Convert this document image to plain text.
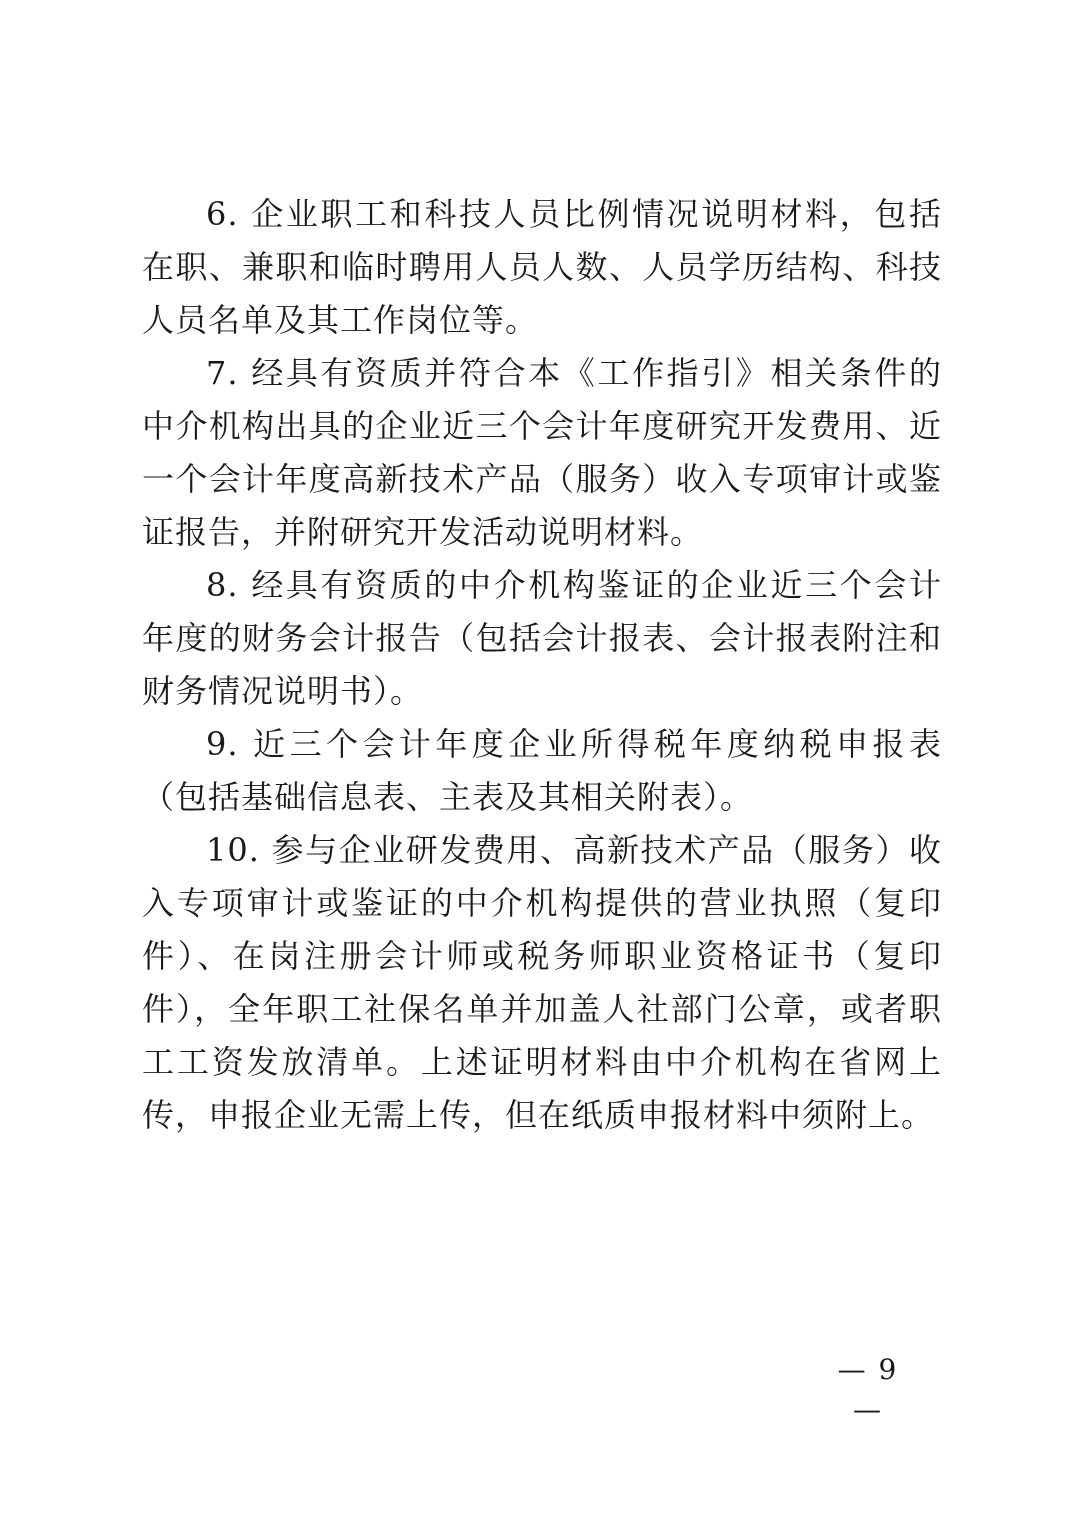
6. 企业职工和科技人员比例情况说明材料，包括在职、兼职和临时聘用人员人数、人员学历结构、科技人员名单及其工作岗位等。

7. 经具有资质并符合本《工作指引》相关条件的中介机构出具的企业近三个会计年度研究开发费用、近一个会计年度高新技术产品（服务）收入专项审计或鉴证报告，并附研究开发活动说明材料。

8. 经具有资质的中介机构鉴证的企业近三个会计年度的财务会计报告（包括会计报表、会计报表附注和财务情况说明书）。

9. 近三个会计年度企业所得税年度纳税申报表（包括基础信息表、主表及其相关附表）。

10. 参与企业研发费用、高新技术产品（服务）收入专项审计或鉴证的中介机构提供的营业执照（复印件）、在岗注册会计师或税务师职业资格证书（复印件），全年职工社保名单并加盖人社部门公章，或者职工工资发放清单。上述证明材料由中介机构在省网上传，申报企业无需上传，但在纸质申报材料中须附上。

— 9 —
